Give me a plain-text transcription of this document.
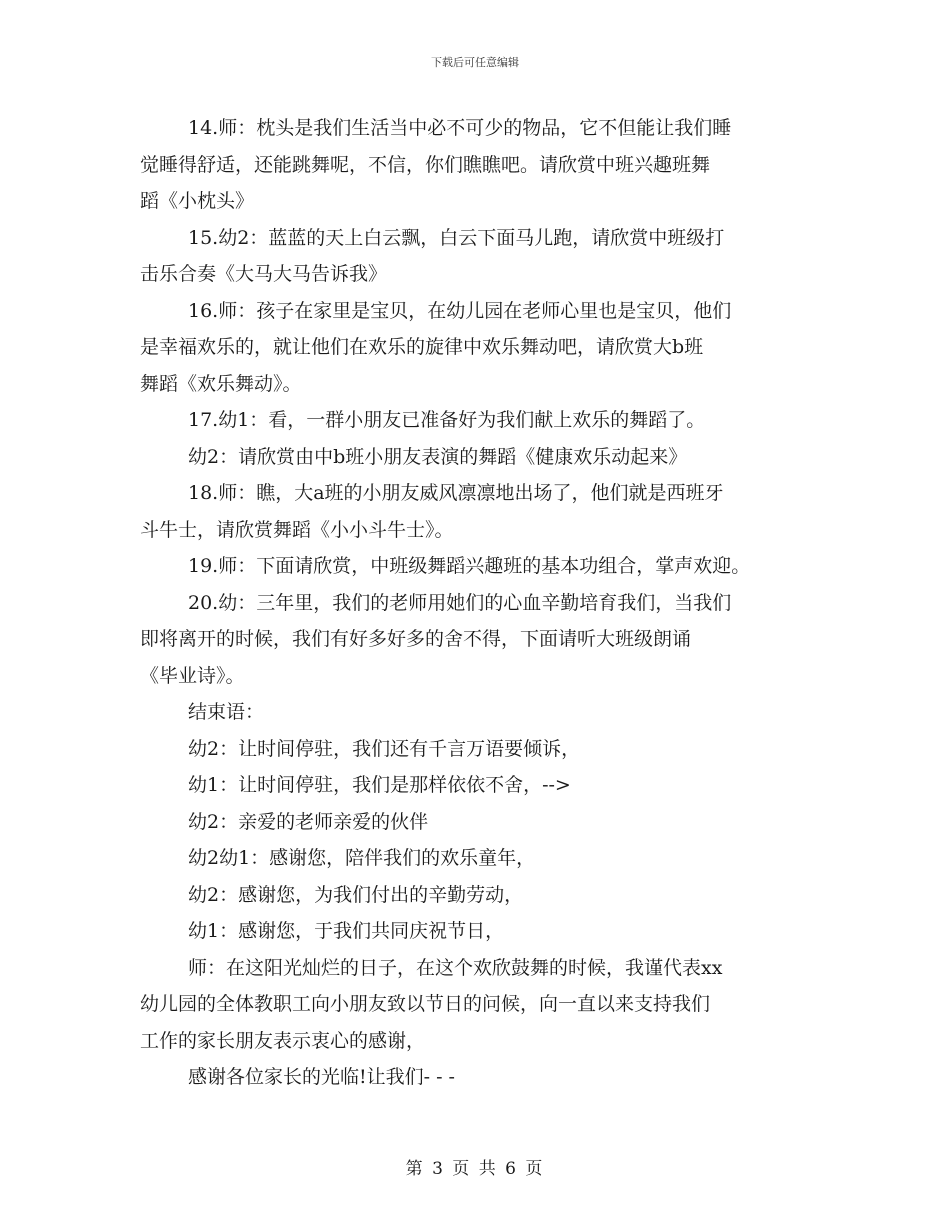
下载后可任意编辑

14.师：枕头是我们生活当中必不可少的物品，它不但能让我们睡
觉睡得舒适，还能跳舞呢，不信，你们瞧瞧吧。请欣赏中班兴趣班舞
蹈《小枕头》

15.幼2：蓝蓝的天上白云飘，白云下面马儿跑，请欣赏中班级打
击乐合奏《大马大马告诉我》

16.师：孩子在家里是宝贝，在幼儿园在老师心里也是宝贝，他们
是幸福欢乐的，就让他们在欢乐的旋律中欢乐舞动吧，请欣赏大b班
舞蹈《欢乐舞动》。

17.幼1：看，一群小朋友已准备好为我们献上欢乐的舞蹈了。

幼2：请欣赏由中b班小朋友表演的舞蹈《健康欢乐动起来》

18.师：瞧，大a班的小朋友威风凛凛地出场了，他们就是西班牙
斗牛士，请欣赏舞蹈《小小斗牛士》。

19.师：下面请欣赏，中班级舞蹈兴趣班的基本功组合，掌声欢迎。

20.幼：三年里，我们的老师用她们的心血辛勤培育我们，当我们
即将离开的时候，我们有好多好多的舍不得，下面请听大班级朗诵
《毕业诗》。

结束语：

幼2：让时间停驻，我们还有千言万语要倾诉，

幼1：让时间停驻，我们是那样依依不舍，-->

幼2：亲爱的老师亲爱的伙伴

幼2幼1：感谢您，陪伴我们的欢乐童年，

幼2：感谢您，为我们付出的辛勤劳动，

幼1：感谢您，于我们共同庆祝节日，

师：在这阳光灿烂的日子，在这个欢欣鼓舞的时候，我谨代表xx
幼儿园的全体教职工向小朋友致以节日的问候，向一直以来支持我们
工作的家长朋友表示衷心的感谢，

感谢各位家长的光临!让我们- - -

第 3 页 共 6 页
